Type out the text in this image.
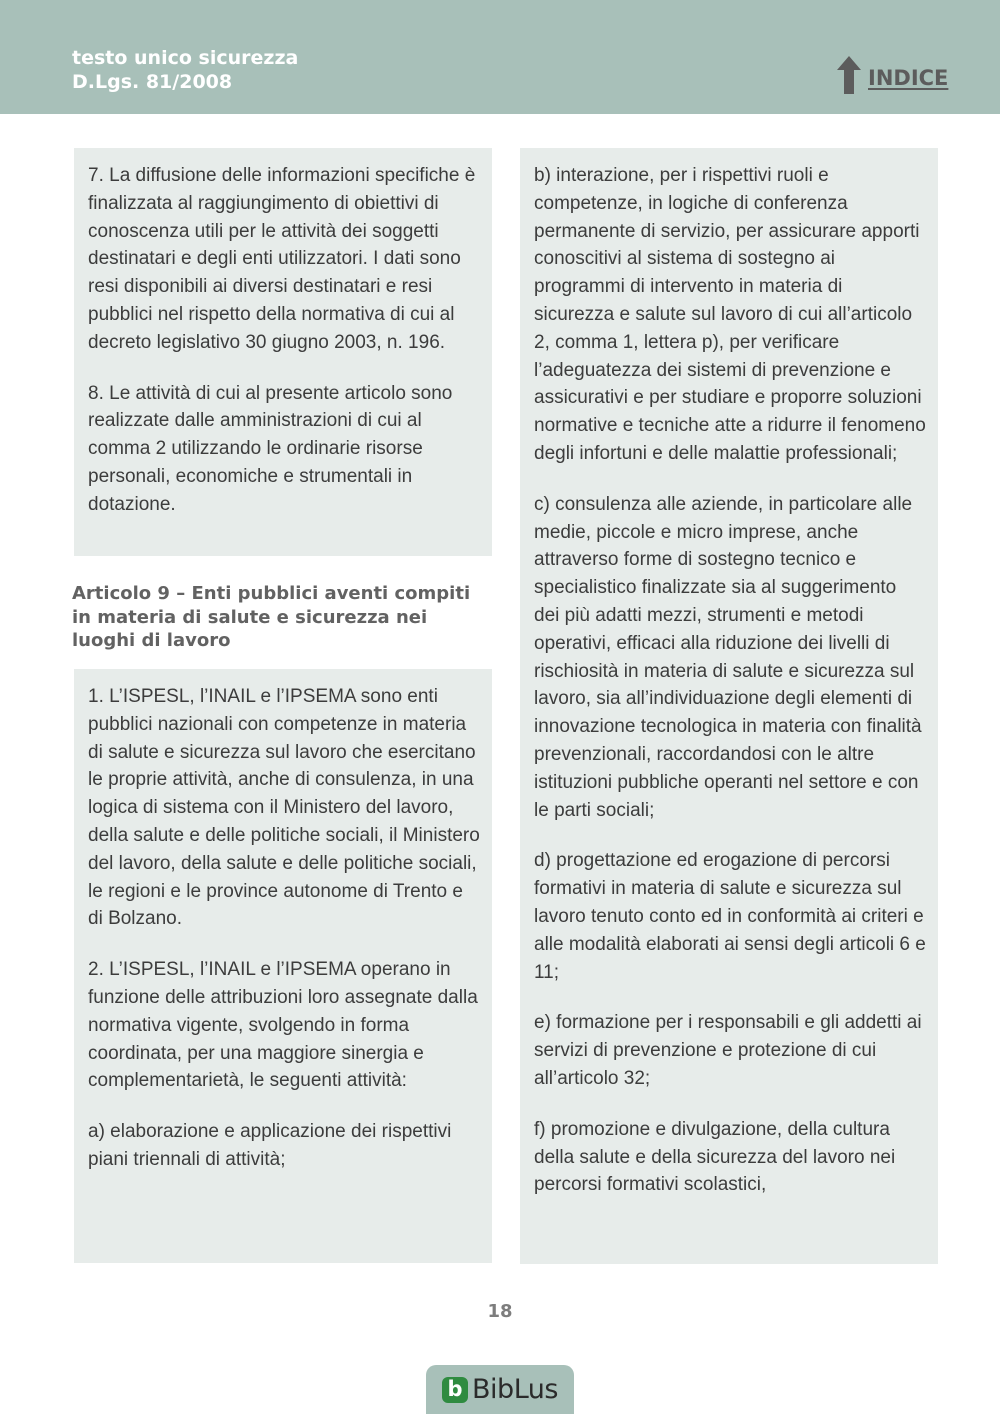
testo unico sicurezza
D.Lgs. 81/2008	INDICE

7. La diffusione delle informazioni specifiche è finalizzata al raggiungimento di obiettivi di conoscenza utili per le attività dei soggetti destinatari e degli enti utilizzatori. I dati sono resi disponibili ai diversi destinatari e resi pubblici nel rispetto della normativa di cui al decreto legislativo 30 giugno 2003, n. 196.

8. Le attività di cui al presente articolo sono realizzate dalle amministrazioni di cui al comma 2 utilizzando le ordinarie risorse personali, economiche e strumentali in dotazione.

Articolo 9 – Enti pubblici aventi compiti in materia di salute e sicurezza nei luoghi di lavoro

1. L’ISPESL, l’INAIL e l’IPSEMA sono enti pubblici nazionali con competenze in materia di salute e sicurezza sul lavoro che esercitano le proprie attività, anche di consulenza, in una logica di sistema con il Ministero del lavoro, della salute e delle politiche sociali, il Ministero del lavoro, della salute e delle politiche sociali, le regioni e le province autonome di Trento e di Bolzano.

2. L’ISPESL, l’INAIL e l’IPSEMA operano in funzione delle attribuzioni loro assegnate dalla normativa vigente, svolgendo in forma coordinata, per una maggiore sinergia e complementarietà, le seguenti attività:

a) elaborazione e applicazione dei rispettivi piani triennali di attività;

b) interazione, per i rispettivi ruoli e competenze, in logiche di conferenza permanente di servizio, per assicurare apporti conoscitivi al sistema di sostegno ai programmi di intervento in materia di sicurezza e salute sul lavoro di cui all’articolo 2, comma 1, lettera p), per verificare l’adeguatezza dei sistemi di prevenzione e assicurativi e per studiare e proporre soluzioni normative e tecniche atte a ridurre il fenomeno degli infortuni e delle malattie professionali;

c) consulenza alle aziende, in particolare alle medie, piccole e micro imprese, anche attraverso forme di sostegno tecnico e specialistico finalizzate sia al suggerimento dei più adatti mezzi, strumenti e metodi operativi, efficaci alla riduzione dei livelli di rischiosità in materia di salute e sicurezza sul lavoro, sia all’individuazione degli elementi di innovazione tecnologica in materia con finalità prevenzionali, raccordandosi con le altre istituzioni pubbliche operanti nel settore e con le parti sociali;

d) progettazione ed erogazione di percorsi formativi in materia di salute e sicurezza sul lavoro tenuto conto ed in conformità ai criteri e alle modalità elaborati ai sensi degli articoli 6 e 11;

e) formazione per i responsabili e gli addetti ai servizi di prevenzione e protezione di cui all’articolo 32;

f) promozione e divulgazione, della cultura della salute e della sicurezza del lavoro nei percorsi formativi scolastici,

18
b BibLus
